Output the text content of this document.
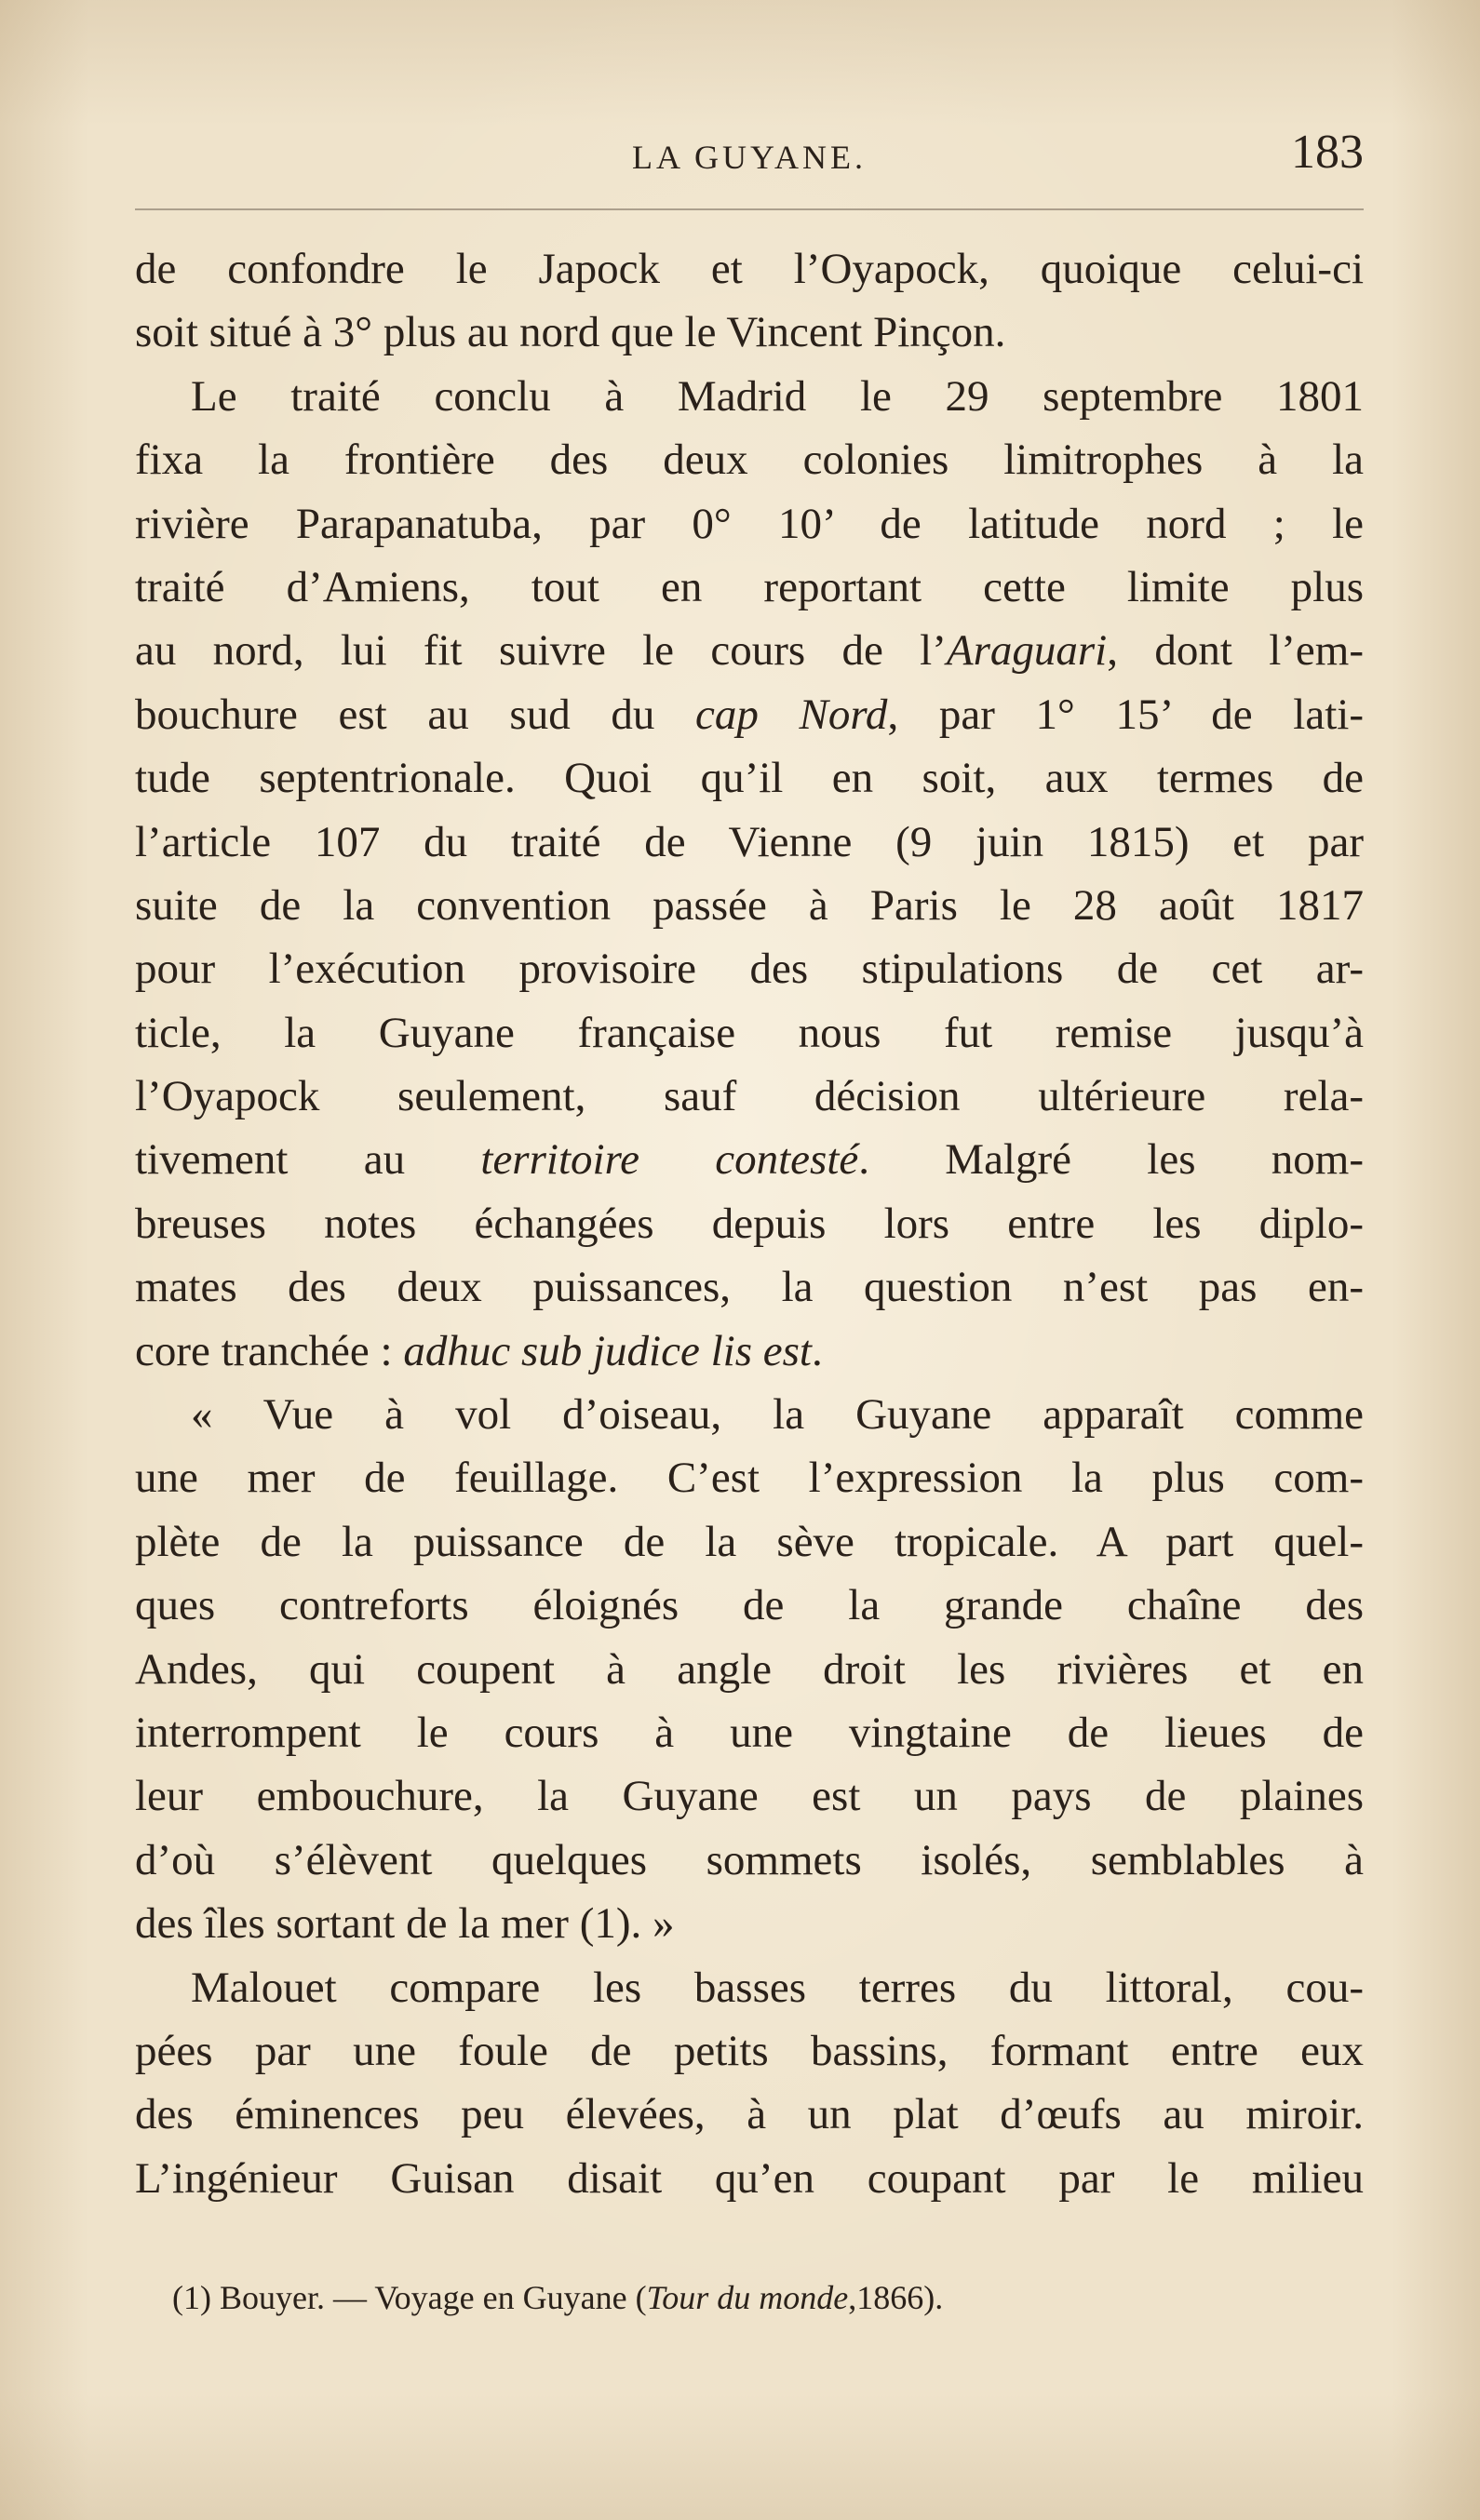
LA GUYANE.	183
de confondre le Japock et l’Oyapock, quoique celui-ci
soit situé à 3° plus au nord que le Vincent Pinçon.
Le traité conclu à Madrid le 29 septembre 1801
fixa la frontière des deux colonies limitrophes à la
rivière Parapanatuba, par 0° 10’ de latitude nord ; le
traité d’Amiens, tout en reportant cette limite plus
au nord, lui fit suivre le cours de l’Araguari, dont l’em-
bouchure est au sud du cap Nord, par 1° 15’ de lati-
tude septentrionale. Quoi qu’il en soit, aux termes de
l’article 107 du traité de Vienne (9 juin 1815) et par
suite de la convention passée à Paris le 28 août 1817
pour l’exécution provisoire des stipulations de cet ar-
ticle, la Guyane française nous fut remise jusqu’à
l’Oyapock seulement, sauf décision ultérieure rela-
tivement au territoire contesté. Malgré les nom-
breuses notes échangées depuis lors entre les diplo-
mates des deux puissances, la question n’est pas en-
core tranchée : adhuc sub judice lis est.
« Vue à vol d’oiseau, la Guyane apparaît comme
une mer de feuillage. C’est l’expression la plus com-
plète de la puissance de la sève tropicale. A part quel-
ques contreforts éloignés de la grande chaîne des
Andes, qui coupent à angle droit les rivières et en
interrompent le cours à une vingtaine de lieues de
leur embouchure, la Guyane est un pays de plaines
d’où s’élèvent quelques sommets isolés, semblables à
des îles sortant de la mer (1). »
Malouet compare les basses terres du littoral, cou-
pées par une foule de petits bassins, formant entre eux
des éminences peu élevées, à un plat d’œufs au miroir.
L’ingénieur Guisan disait qu’en coupant par le milieu
(1) Bouyer. — Voyage en Guyane (Tour du monde,1866).
